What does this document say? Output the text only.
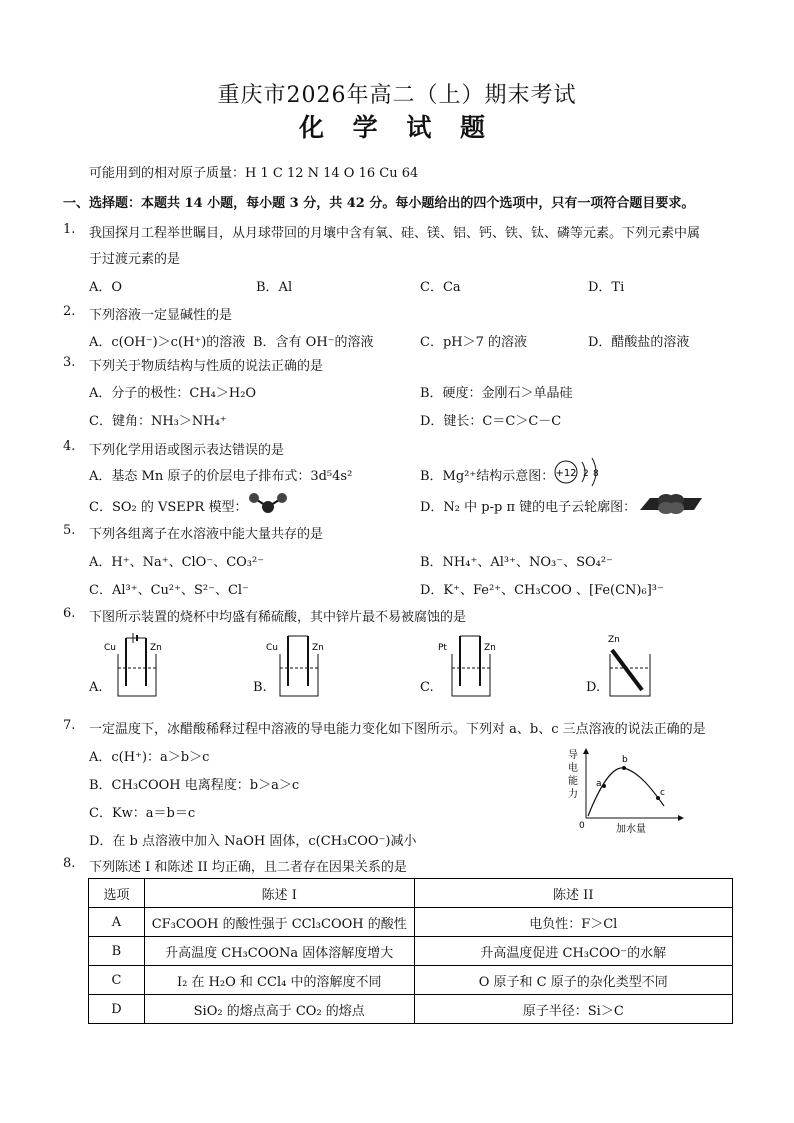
重庆市2026年高二（上）期末考试
化 学 试 题
可能用到的相对原子质量：H 1 C 12 N 14 O 16 Cu 64
一、选择题：本题共 14 小题，每小题 3 分，共 42 分。每小题给出的四个选项中，只有一项符合题目要求。
1. 我国探月工程举世瞩目，从月球带回的月壤中含有氧、硅、镁、铝、钙、铁、钛、磷等元素。下列元素中属
于过渡元素的是
A．O	B．Al	C．Ca	D．Ti
2. 下列溶液一定显碱性的是
A．c(OH⁻)＞c(H⁺)的溶液 B．含有 OH⁻的溶液	C．pH＞7 的溶液	D．醋酸盐的溶液
3. 下列关于物质结构与性质的说法正确的是
A．分子的极性：CH₄＞H₂O	B．硬度：金刚石＞单晶硅
C．键角：NH₃＞NH₄⁺	D．键长：C＝C＞C－C
4. 下列化学用语或图示表达错误的是
A．基态 Mn 原子的价层电子排布式：3d⁵4s²	B．Mg²⁺结构示意图： +12 2 8
C．SO₂ 的 VSEPR 模型：	D．N₂ 中 p-p π 键的电子云轮廓图：
5. 下列各组离子在水溶液中能大量共存的是
A．H⁺、Na⁺、ClO⁻、CO₃²⁻	B．NH₄⁺、Al³⁺、NO₃⁻、SO₄²⁻
C．Al³⁺、Cu²⁺、S²⁻、Cl⁻	D．K⁺、Fe²⁺、CH₃COO 、[Fe(CN)₆]³⁻
6. 下图所示装置的烧杯中均盛有稀硫酸，其中锌片最不易被腐蚀的是
A.
Cu	Zn
B.
Cu	Zn
C.
Pt	Zn
D.
Zn
7. 一定温度下，冰醋酸稀释过程中溶液的导电能力变化如下图所示。下列对 a、b、c 三点溶液的说法正确的是
A．c(H⁺)：a＞b＞c
B．CH₃COOH 电离程度：b＞a＞c
C．Kw：a＝b＝c
D．在 b 点溶液中加入 NaOH 固体，c(CH₃COO⁻)减小
导
电
能
力
0	加水量
a
b
c
8. 下列陈述 I 和陈述 II 均正确，且二者存在因果关系的是
选项	陈述 I	陈述 II
A	CF₃COOH 的酸性强于 CCl₃COOH 的酸性	电负性：F＞Cl
B	升高温度 CH₃COONa 固体溶解度增大	升高温度促进 CH₃COO⁻的水解
C	I₂ 在 H₂O 和 CCl₄ 中的溶解度不同	O 原子和 C 原子的杂化类型不同
D	SiO₂ 的熔点高于 CO₂ 的熔点	原子半径：Si＞C
